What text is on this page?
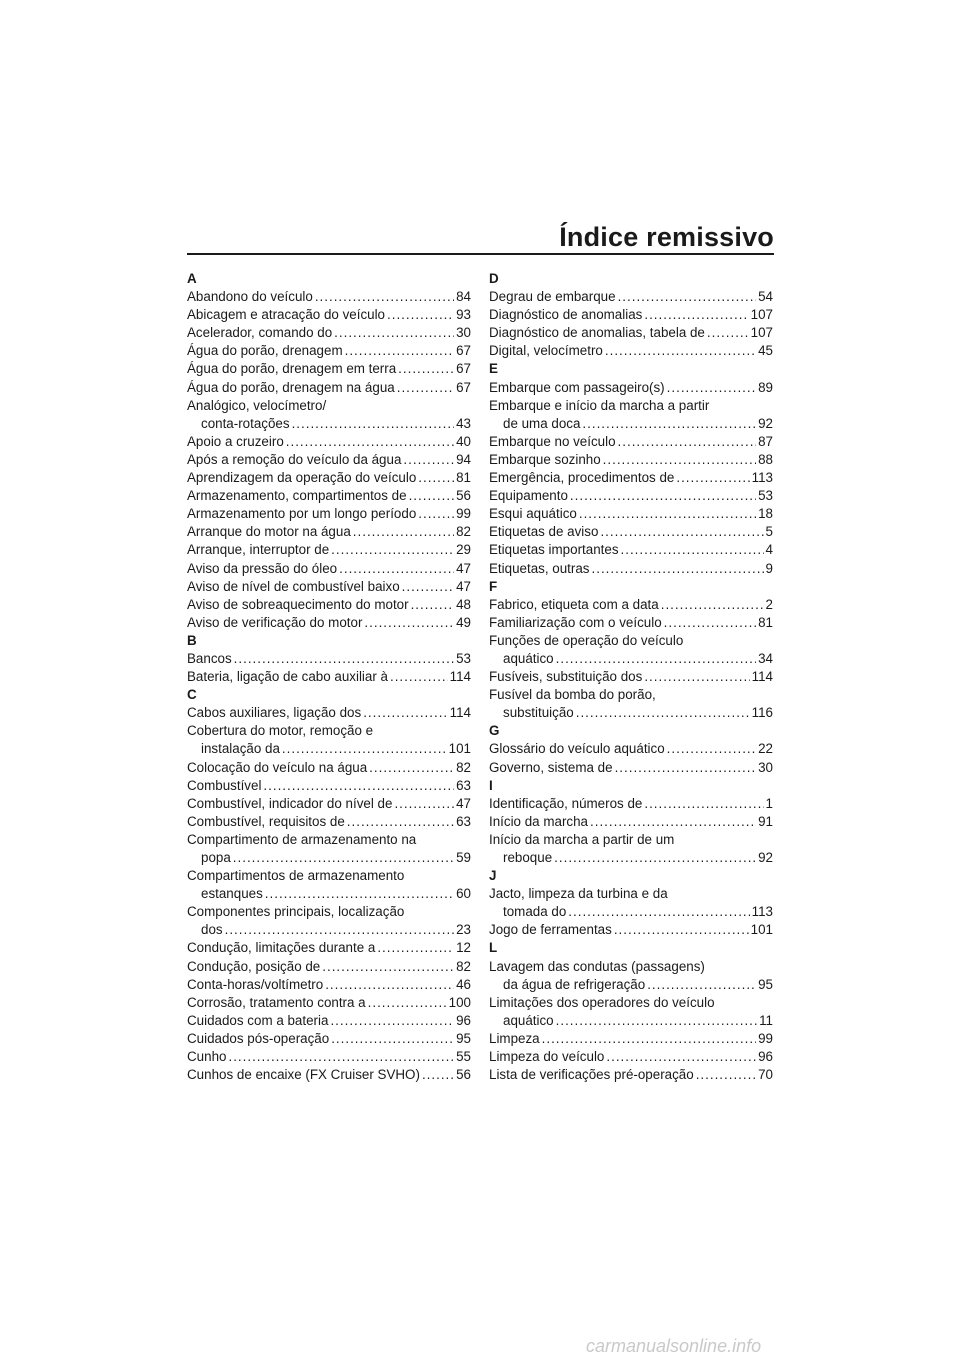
Índice remissivo
A
Abandono do veículo .....	84
Abicagem e atracação do veículo .....	93
Acelerador, comando do .....	30
Água do porão, drenagem .....	67
Água do porão, drenagem em terra .....	67
Água do porão, drenagem na água .....	67
Analógico, velocímetro/
conta-rotações .....	43
Apoio a cruzeiro .....	40
Após a remoção do veículo da água .....	94
Aprendizagem da operação do veículo .....	81
Armazenamento, compartimentos de .....	56
Armazenamento por um longo período .....	99
Arranque do motor na água .....	82
Arranque, interruptor de .....	29
Aviso da pressão do óleo .....	47
Aviso de nível de combustível baixo .....	47
Aviso de sobreaquecimento do motor .....	48
Aviso de verificação do motor .....	49
B
Bancos .....	53
Bateria, ligação de cabo auxiliar à .....	114
C
Cabos auxiliares, ligação dos .....	114
Cobertura do motor, remoção e
instalação da .....	101
Colocação do veículo na água .....	82
Combustível .....	63
Combustível, indicador do nível de .....	47
Combustível, requisitos de .....	63
Compartimento de armazenamento na
popa .....	59
Compartimentos de armazenamento
estanques .....	60
Componentes principais, localização
dos .....	23
Condução, limitações durante a .....	12
Condução, posição de .....	82
Conta-horas/voltímetro .....	46
Corrosão, tratamento contra a .....	100
Cuidados com a bateria .....	96
Cuidados pós-operação .....	95
Cunho .....	55
Cunhos de encaixe (FX Cruiser SVHO) .....	56
D
Degrau de embarque .....	54
Diagnóstico de anomalias .....	107
Diagnóstico de anomalias, tabela de .....	107
Digital, velocímetro .....	45
E
Embarque com passageiro(s) .....	89
Embarque e início da marcha a partir
de uma doca .....	92
Embarque no veículo .....	87
Embarque sozinho .....	88
Emergência, procedimentos de .....	113
Equipamento .....	53
Esqui aquático .....	18
Etiquetas de aviso .....	5
Etiquetas importantes .....	4
Etiquetas, outras .....	9
F
Fabrico, etiqueta com a data .....	2
Familiarização com o veículo .....	81
Funções de operação do veículo
aquático .....	34
Fusíveis, substituição dos .....	114
Fusível da bomba do porão,
substituição .....	116
G
Glossário do veículo aquático .....	22
Governo, sistema de .....	30
I
Identificação, números de .....	1
Início da marcha .....	91
Início da marcha a partir de um
reboque .....	92
J
Jacto, limpeza da turbina e da
tomada do .....	113
Jogo de ferramentas .....	101
L
Lavagem das condutas (passagens)
da água de refrigeração .....	95
Limitações dos operadores do veículo
aquático .....	11
Limpeza .....	99
Limpeza do veículo .....	96
Lista de verificações pré-operação .....	70
carmanualsonline.info
